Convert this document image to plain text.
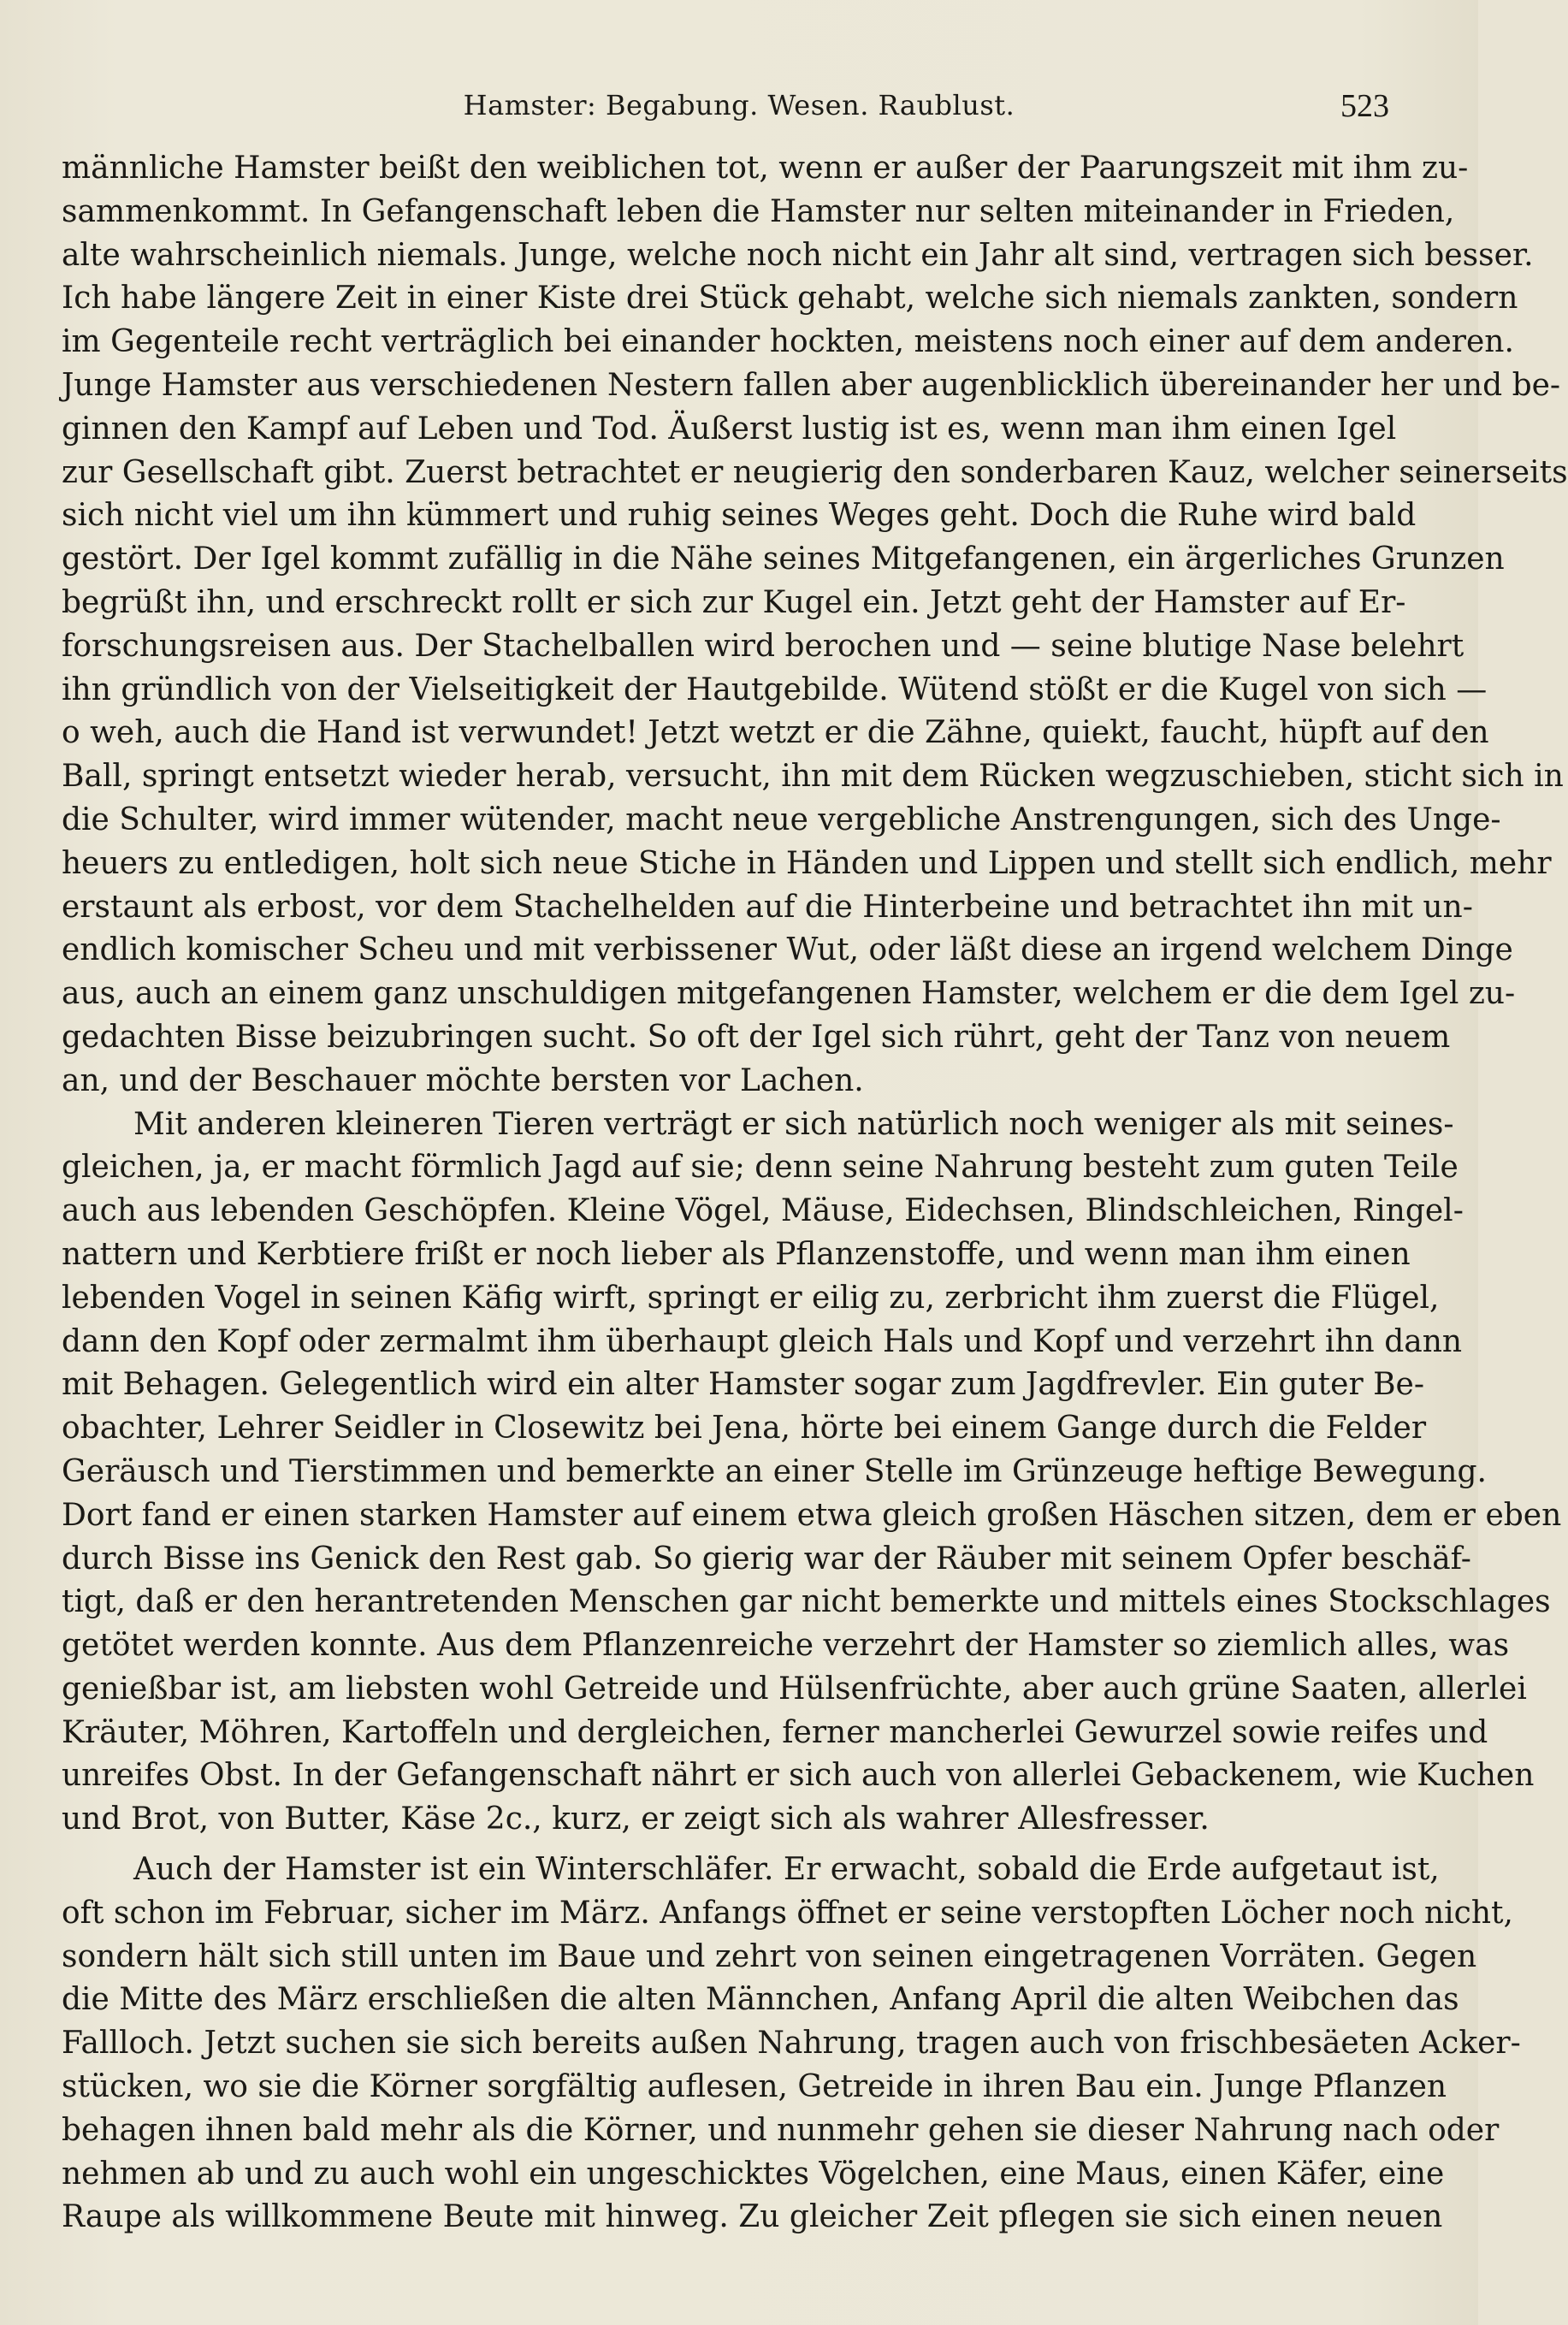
Hamster: Begabung. Wesen. Raublust.	523
männliche Hamster beißt den weiblichen tot, wenn er außer der Paarungszeit mit ihm zu-
sammenkommt. In Gefangenschaft leben die Hamster nur selten miteinander in Frieden,
alte wahrscheinlich niemals. Junge, welche noch nicht ein Jahr alt sind, vertragen sich besser.
Ich habe längere Zeit in einer Kiste drei Stück gehabt, welche sich niemals zankten, sondern
im Gegenteile recht verträglich bei einander hockten, meistens noch einer auf dem anderen.
Junge Hamster aus verschiedenen Nestern fallen aber augenblicklich übereinander her und be-
ginnen den Kampf auf Leben und Tod. Äußerst lustig ist es, wenn man ihm einen Igel
zur Gesellschaft gibt. Zuerst betrachtet er neugierig den sonderbaren Kauz, welcher seinerseits
sich nicht viel um ihn kümmert und ruhig seines Weges geht. Doch die Ruhe wird bald
gestört. Der Igel kommt zufällig in die Nähe seines Mitgefangenen, ein ärgerliches Grunzen
begrüßt ihn, und erschreckt rollt er sich zur Kugel ein. Jetzt geht der Hamster auf Er-
forschungsreisen aus. Der Stachelballen wird berochen und — seine blutige Nase belehrt
ihn gründlich von der Vielseitigkeit der Hautgebilde. Wütend stößt er die Kugel von sich —
o weh, auch die Hand ist verwundet! Jetzt wetzt er die Zähne, quiekt, faucht, hüpft auf den
Ball, springt entsetzt wieder herab, versucht, ihn mit dem Rücken wegzuschieben, sticht sich in
die Schulter, wird immer wütender, macht neue vergebliche Anstrengungen, sich des Unge-
heuers zu entledigen, holt sich neue Stiche in Händen und Lippen und stellt sich endlich, mehr
erstaunt als erbost, vor dem Stachelhelden auf die Hinterbeine und betrachtet ihn mit un-
endlich komischer Scheu und mit verbissener Wut, oder läßt diese an irgend welchem Dinge
aus, auch an einem ganz unschuldigen mitgefangenen Hamster, welchem er die dem Igel zu-
gedachten Bisse beizubringen sucht. So oft der Igel sich rührt, geht der Tanz von neuem
an, und der Beschauer möchte bersten vor Lachen.
Mit anderen kleineren Tieren verträgt er sich natürlich noch weniger als mit seines-
gleichen, ja, er macht förmlich Jagd auf sie; denn seine Nahrung besteht zum guten Teile
auch aus lebenden Geschöpfen. Kleine Vögel, Mäuse, Eidechsen, Blindschleichen, Ringel-
nattern und Kerbtiere frißt er noch lieber als Pflanzenstoffe, und wenn man ihm einen
lebenden Vogel in seinen Käfig wirft, springt er eilig zu, zerbricht ihm zuerst die Flügel,
dann den Kopf oder zermalmt ihm überhaupt gleich Hals und Kopf und verzehrt ihn dann
mit Behagen. Gelegentlich wird ein alter Hamster sogar zum Jagdfrevler. Ein guter Be-
obachter, Lehrer Seidler in Closewitz bei Jena, hörte bei einem Gange durch die Felder
Geräusch und Tierstimmen und bemerkte an einer Stelle im Grünzeuge heftige Bewegung.
Dort fand er einen starken Hamster auf einem etwa gleich großen Häschen sitzen, dem er eben
durch Bisse ins Genick den Rest gab. So gierig war der Räuber mit seinem Opfer beschäf-
tigt, daß er den herantretenden Menschen gar nicht bemerkte und mittels eines Stockschlages
getötet werden konnte. Aus dem Pflanzenreiche verzehrt der Hamster so ziemlich alles, was
genießbar ist, am liebsten wohl Getreide und Hülsenfrüchte, aber auch grüne Saaten, allerlei
Kräuter, Möhren, Kartoffeln und dergleichen, ferner mancherlei Gewurzel sowie reifes und
unreifes Obst. In der Gefangenschaft nährt er sich auch von allerlei Gebackenem, wie Kuchen
und Brot, von Butter, Käse 2c., kurz, er zeigt sich als wahrer Allesfresser.
Auch der Hamster ist ein Winterschläfer. Er erwacht, sobald die Erde aufgetaut ist,
oft schon im Februar, sicher im März. Anfangs öffnet er seine verstopften Löcher noch nicht,
sondern hält sich still unten im Baue und zehrt von seinen eingetragenen Vorräten. Gegen
die Mitte des März erschließen die alten Männchen, Anfang April die alten Weibchen das
Fallloch. Jetzt suchen sie sich bereits außen Nahrung, tragen auch von frischbesäeten Acker-
stücken, wo sie die Körner sorgfältig auflesen, Getreide in ihren Bau ein. Junge Pflanzen
behagen ihnen bald mehr als die Körner, und nunmehr gehen sie dieser Nahrung nach oder
nehmen ab und zu auch wohl ein ungeschicktes Vögelchen, eine Maus, einen Käfer, eine
Raupe als willkommene Beute mit hinweg. Zu gleicher Zeit pflegen sie sich einen neuen
